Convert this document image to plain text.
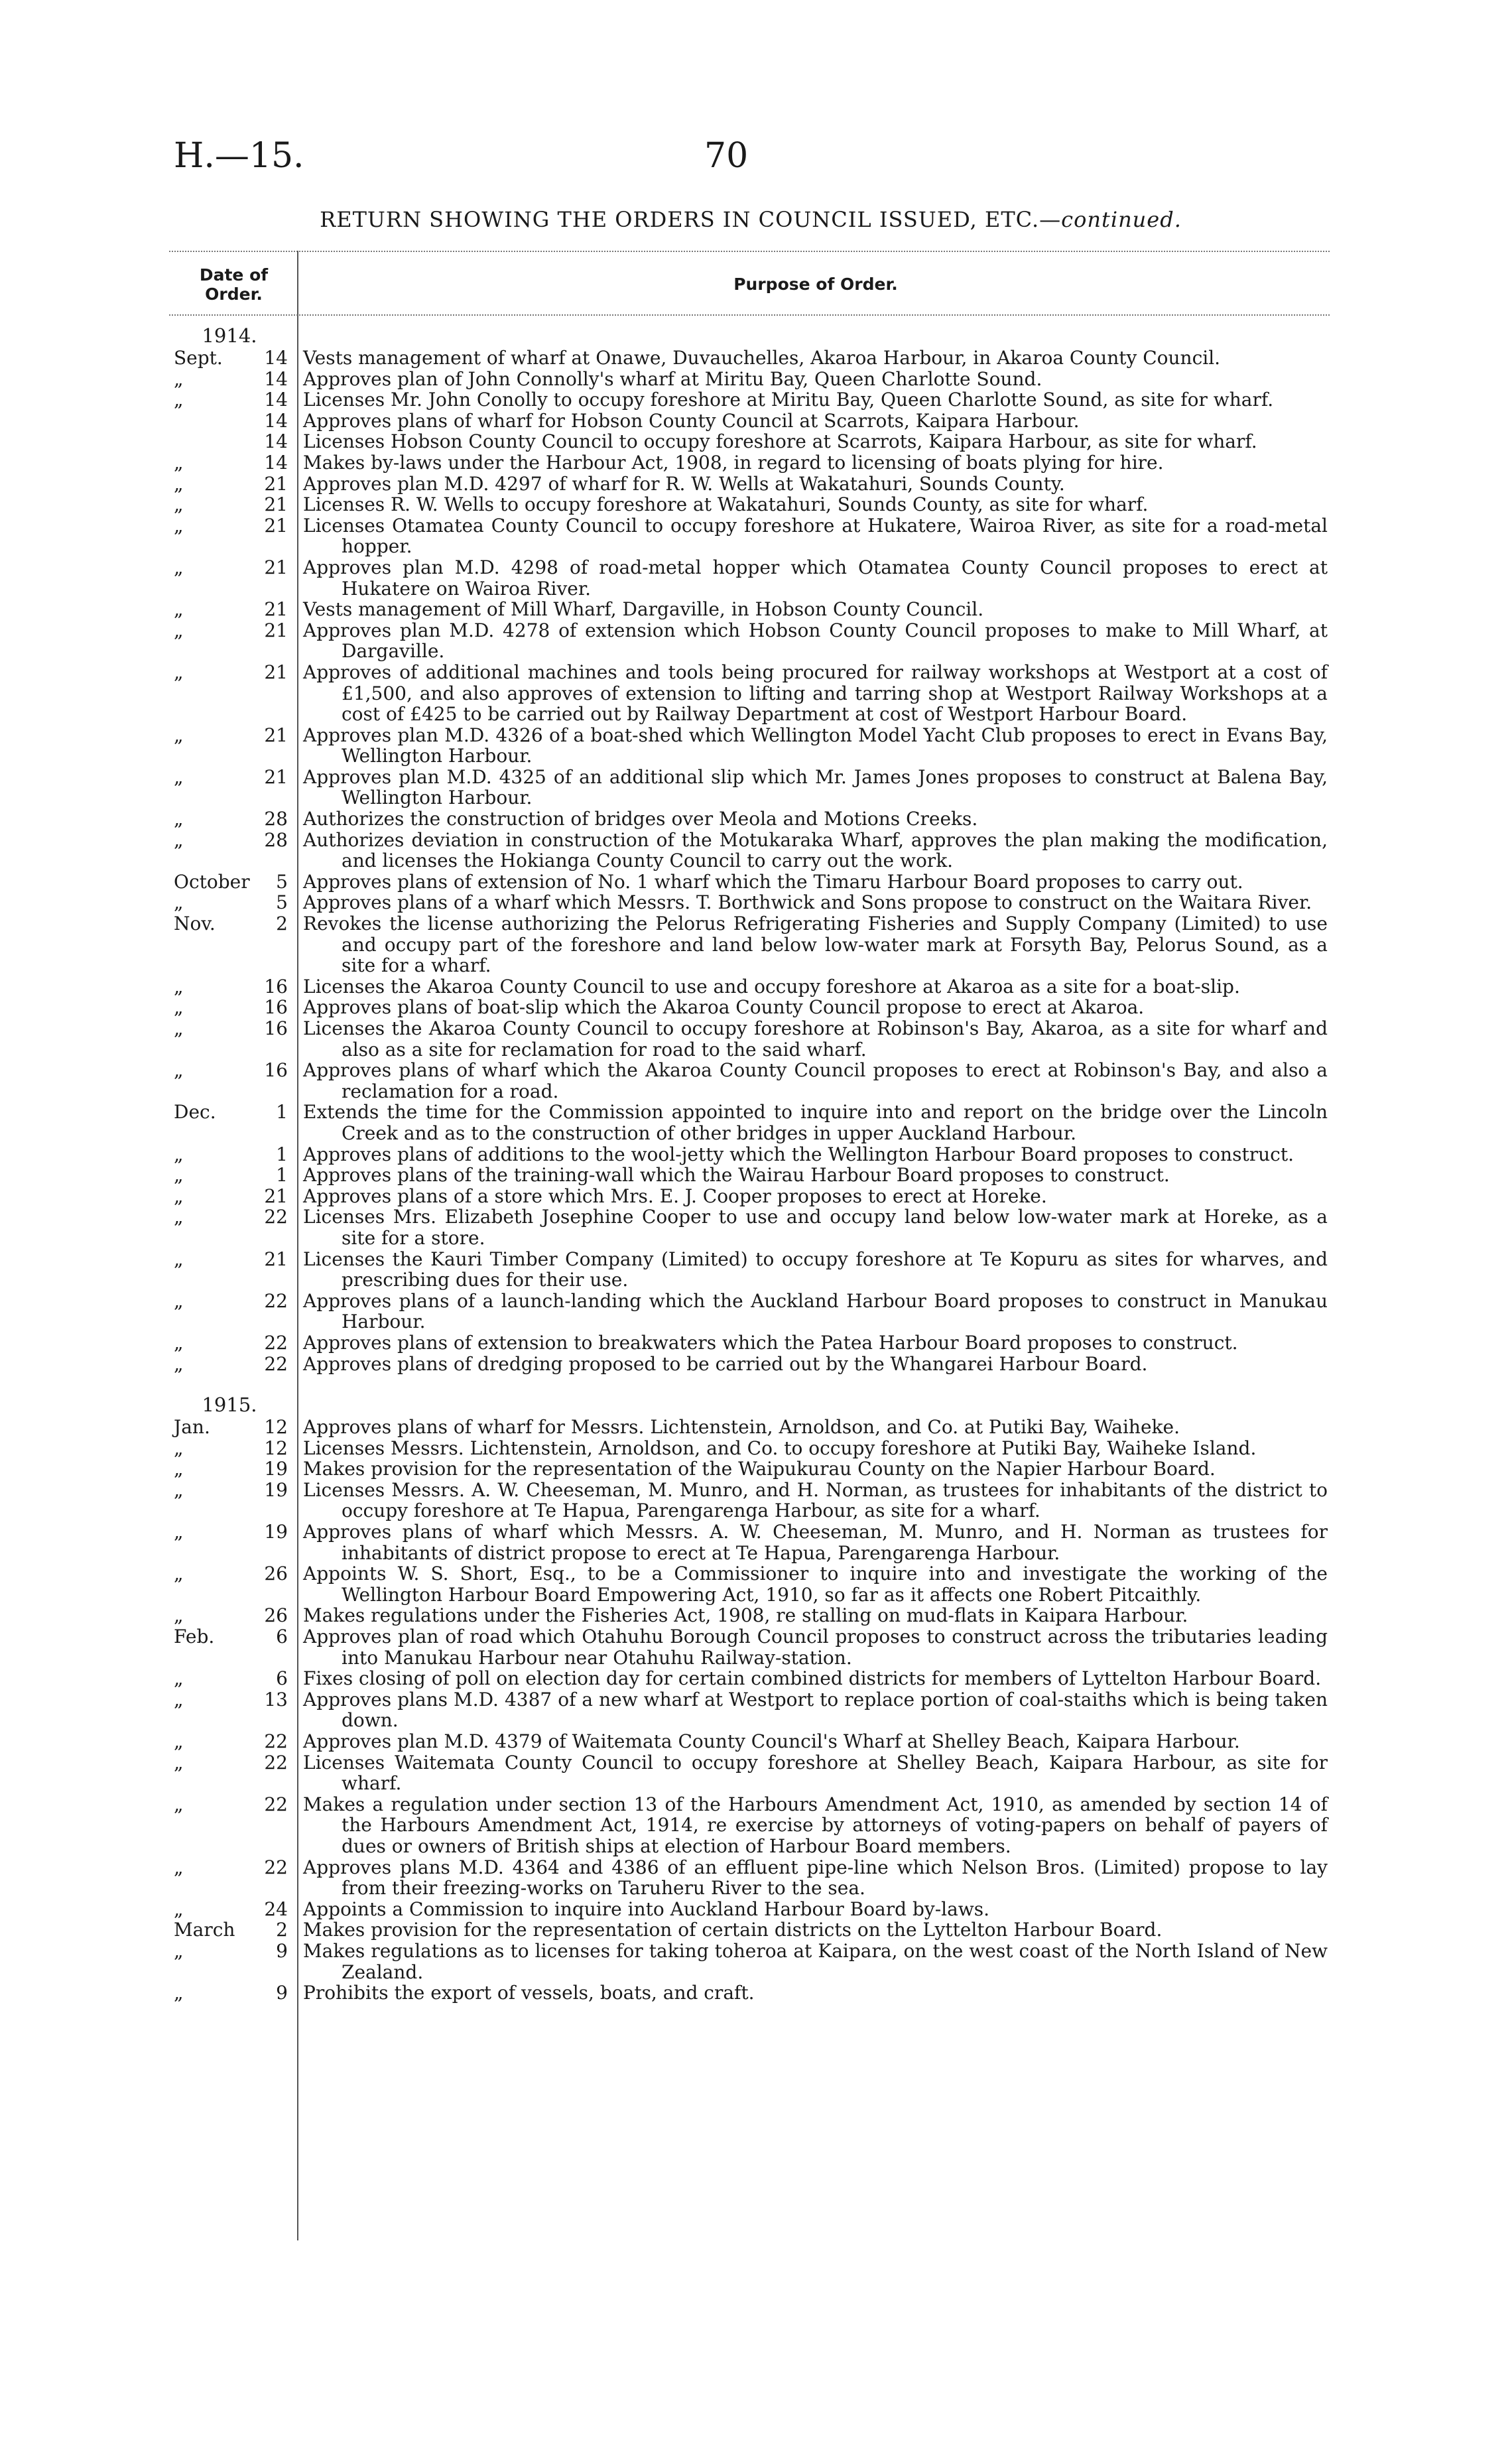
H.—15.	70
RETURN SHOWING THE ORDERS IN COUNCIL ISSUED, ETC.—continued.
Date of
Order.
Purpose of Order.
1914.
Sept.	14 Vests management of wharf at Onawe, Duvauchelles, Akaroa Harbour, in Akaroa County Council.
„	14 Approves plan of John Connolly's wharf at Miritu Bay, Queen Charlotte Sound.
„	14 Licenses Mr. John Conolly to occupy foreshore at Miritu Bay, Queen Charlotte Sound, as site for wharf.
14 Approves plans of wharf for Hobson County Council at Scarrots, Kaipara Harbour.
14 Licenses Hobson County Council to occupy foreshore at Scarrots, Kaipara Harbour, as site for wharf.
„	14 Makes by-laws under the Harbour Act, 1908, in regard to licensing of boats plying for hire.
„	21 Approves plan M.D. 4297 of wharf for R. W. Wells at Wakatahuri, Sounds County.
„	21 Licenses R. W. Wells to occupy foreshore at Wakatahuri, Sounds County, as site for wharf.
„	21 Licenses Otamatea County Council to occupy foreshore at Hukatere, Wairoa River, as site for a road-metal hopper.
„	21 Approves plan M.D. 4298 of road-metal hopper which Otamatea County Council proposes to erect at Hukatere on Wairoa River.
„	21 Vests management of Mill Wharf, Dargaville, in Hobson County Council.
„	21 Approves plan M.D. 4278 of extension which Hobson County Council proposes to make to Mill Wharf, at Dargaville.
„	21 Approves of additional machines and tools being procured for railway workshops at Westport at a cost of £1,500, and also approves of extension to lifting and tarring shop at Westport Railway Workshops at a cost of £425 to be carried out by Railway Department at cost of Westport Harbour Board.
„	21 Approves plan M.D. 4326 of a boat-shed which Wellington Model Yacht Club proposes to erect in Evans Bay, Wellington Harbour.
„	21 Approves plan M.D. 4325 of an additional slip which Mr. James Jones proposes to construct at Balena Bay, Wellington Harbour.
„	28 Authorizes the construction of bridges over Meola and Motions Creeks.
„	28 Authorizes deviation in construction of the Motukaraka Wharf, approves the plan making the modification, and licenses the Hokianga County Council to carry out the work.
October	5 Approves plans of extension of No. 1 wharf which the Timaru Harbour Board proposes to carry out.
„	5 Approves plans of a wharf which Messrs. T. Borthwick and Sons propose to construct on the Waitara River.
Nov.	2 Revokes the license authorizing the Pelorus Refrigerating Fisheries and Supply Company (Limited) to use and occupy part of the foreshore and land below low-water mark at Forsyth Bay, Pelorus Sound, as a site for a wharf.
„	16 Licenses the Akaroa County Council to use and occupy foreshore at Akaroa as a site for a boat-slip.
„	16 Approves plans of boat-slip which the Akaroa County Council propose to erect at Akaroa.
„	16 Licenses the Akaroa County Council to occupy foreshore at Robinson's Bay, Akaroa, as a site for wharf and also as a site for reclamation for road to the said wharf.
„	16 Approves plans of wharf which the Akaroa County Council proposes to erect at Robinson's Bay, and also a reclamation for a road.
Dec.	1 Extends the time for the Commission appointed to inquire into and report on the bridge over the Lincoln Creek and as to the construction of other bridges in upper Auckland Harbour.
„	1 Approves plans of additions to the wool-jetty which the Wellington Harbour Board proposes to construct.
„	1 Approves plans of the training-wall which the Wairau Harbour Board proposes to construct.
„	21 Approves plans of a store which Mrs. E. J. Cooper proposes to erect at Horeke.
„	22 Licenses Mrs. Elizabeth Josephine Cooper to use and occupy land below low-water mark at Horeke, as a site for a store.
„	21 Licenses the Kauri Timber Company (Limited) to occupy foreshore at Te Kopuru as sites for wharves, and prescribing dues for their use.
„	22 Approves plans of a launch-landing which the Auckland Harbour Board proposes to construct in Manukau Harbour.
„	22 Approves plans of extension to breakwaters which the Patea Harbour Board proposes to construct.
„	22 Approves plans of dredging proposed to be carried out by the Whangarei Harbour Board.
1915.
Jan.	12 Approves plans of wharf for Messrs. Lichtenstein, Arnoldson, and Co. at Putiki Bay, Waiheke.
„	12 Licenses Messrs. Lichtenstein, Arnoldson, and Co. to occupy foreshore at Putiki Bay, Waiheke Island.
„	19 Makes provision for the representation of the Waipukurau County on the Napier Harbour Board.
„	19 Licenses Messrs. A. W. Cheeseman, M. Munro, and H. Norman, as trustees for inhabitants of the district to occupy foreshore at Te Hapua, Parengarenga Harbour, as site for a wharf.
„	19 Approves plans of wharf which Messrs. A. W. Cheeseman, M. Munro, and H. Norman as trustees for inhabitants of district propose to erect at Te Hapua, Parengarenga Harbour.
„	26 Appoints W. S. Short, Esq., to be a Commissioner to inquire into and investigate the working of the Wellington Harbour Board Empowering Act, 1910, so far as it affects one Robert Pitcaithly.
„	26 Makes regulations under the Fisheries Act, 1908, re stalling on mud-flats in Kaipara Harbour.
Feb.	6 Approves plan of road which Otahuhu Borough Council proposes to construct across the tributaries leading into Manukau Harbour near Otahuhu Railway-station.
„	6 Fixes closing of poll on election day for certain combined districts for members of Lyttelton Harbour Board.
„	13 Approves plans M.D. 4387 of a new wharf at Westport to replace portion of coal-staiths which is being taken down.
„	22 Approves plan M.D. 4379 of Waitemata County Council's Wharf at Shelley Beach, Kaipara Harbour.
„	22 Licenses Waitemata County Council to occupy foreshore at Shelley Beach, Kaipara Harbour, as site for wharf.
„	22 Makes a regulation under section 13 of the Harbours Amendment Act, 1910, as amended by section 14 of the Harbours Amendment Act, 1914, re exercise by attorneys of voting-papers on behalf of payers of dues or owners of British ships at election of Harbour Board members.
„	22 Approves plans M.D. 4364 and 4386 of an effluent pipe-line which Nelson Bros. (Limited) propose to lay from their freezing-works on Taruheru River to the sea.
„	24 Appoints a Commission to inquire into Auckland Harbour Board by-laws.
March	2 Makes provision for the representation of certain districts on the Lyttelton Harbour Board.
„	9 Makes regulations as to licenses for taking toheroa at Kaipara, on the west coast of the North Island of New Zealand.
„	9 Prohibits the export of vessels, boats, and craft.
